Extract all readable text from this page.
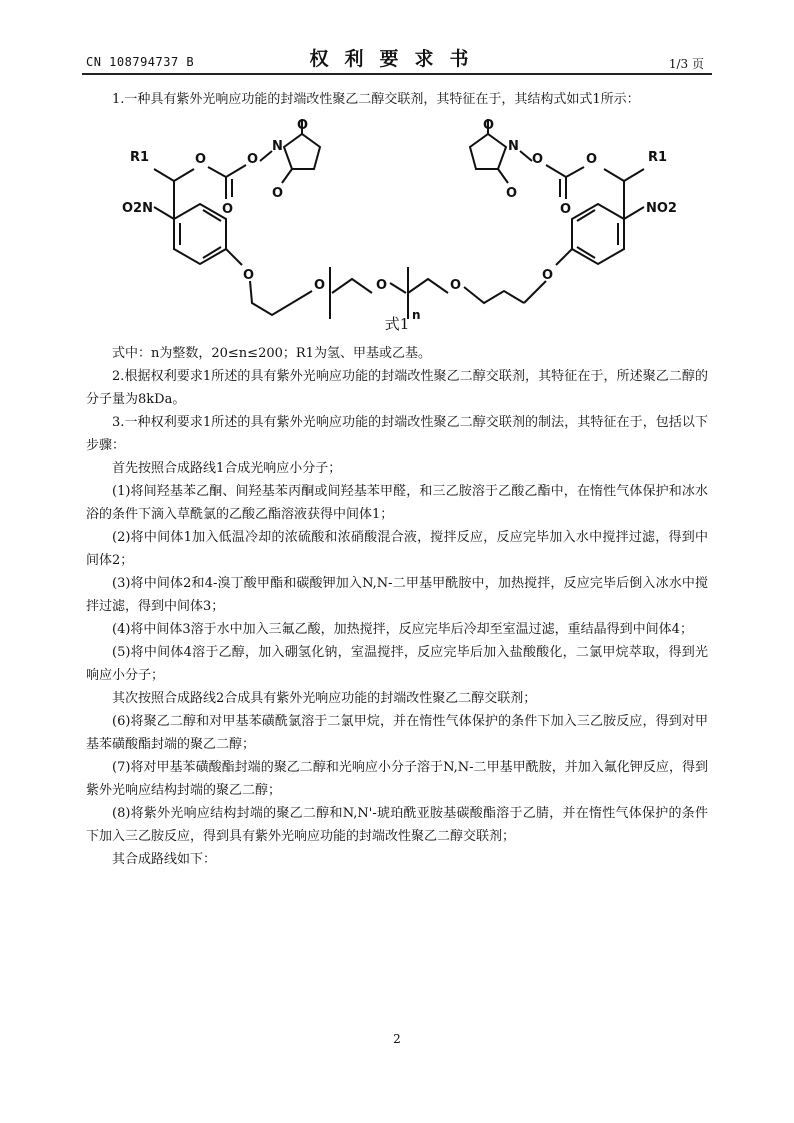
CN 108794737 B	权利要求书	1/3 页

1.一种具有紫外光响应功能的封端改性聚乙二醇交联剂，其特征在于，其结构式如式1所示：

O2N
R1	O
O
O
N
O
O
O
O	O
n
O
NO2
R1
O
O
O
O
N
O
O
式1

式中：n为整数，20≤n≤200；R1为氢、甲基或乙基。

2.根据权利要求1所述的具有紫外光响应功能的封端改性聚乙二醇交联剂，其特征在于，所述聚乙二醇的分子量为8kDa。

3.一种权利要求1所述的具有紫外光响应功能的封端改性聚乙二醇交联剂的制法，其特征在于，包括以下步骤：

首先按照合成路线1合成光响应小分子；

(1)将间羟基苯乙酮、间羟基苯丙酮或间羟基苯甲醛，和三乙胺溶于乙酸乙酯中，在惰性气体保护和冰水浴的条件下滴入草酰氯的乙酸乙酯溶液获得中间体1；

(2)将中间体1加入低温冷却的浓硫酸和浓硝酸混合液，搅拌反应，反应完毕加入水中搅拌过滤，得到中间体2；

(3)将中间体2和4-溴丁酸甲酯和碳酸钾加入N,N-二甲基甲酰胺中，加热搅拌，反应完毕后倒入冰水中搅拌过滤，得到中间体3；

(4)将中间体3溶于水中加入三氟乙酸，加热搅拌，反应完毕后冷却至室温过滤，重结晶得到中间体4；

(5)将中间体4溶于乙醇，加入硼氢化钠，室温搅拌，反应完毕后加入盐酸酸化，二氯甲烷萃取，得到光响应小分子；

其次按照合成路线2合成具有紫外光响应功能的封端改性聚乙二醇交联剂；

(6)将聚乙二醇和对甲基苯磺酰氯溶于二氯甲烷，并在惰性气体保护的条件下加入三乙胺反应，得到对甲基苯磺酸酯封端的聚乙二醇；

(7)将对甲基苯磺酸酯封端的聚乙二醇和光响应小分子溶于N,N-二甲基甲酰胺，并加入氟化钾反应，得到紫外光响应结构封端的聚乙二醇；

(8)将紫外光响应结构封端的聚乙二醇和N,N'-琥珀酰亚胺基碳酸酯溶于乙腈，并在惰性气体保护的条件下加入三乙胺反应，得到具有紫外光响应功能的封端改性聚乙二醇交联剂；

其合成路线如下：

2
